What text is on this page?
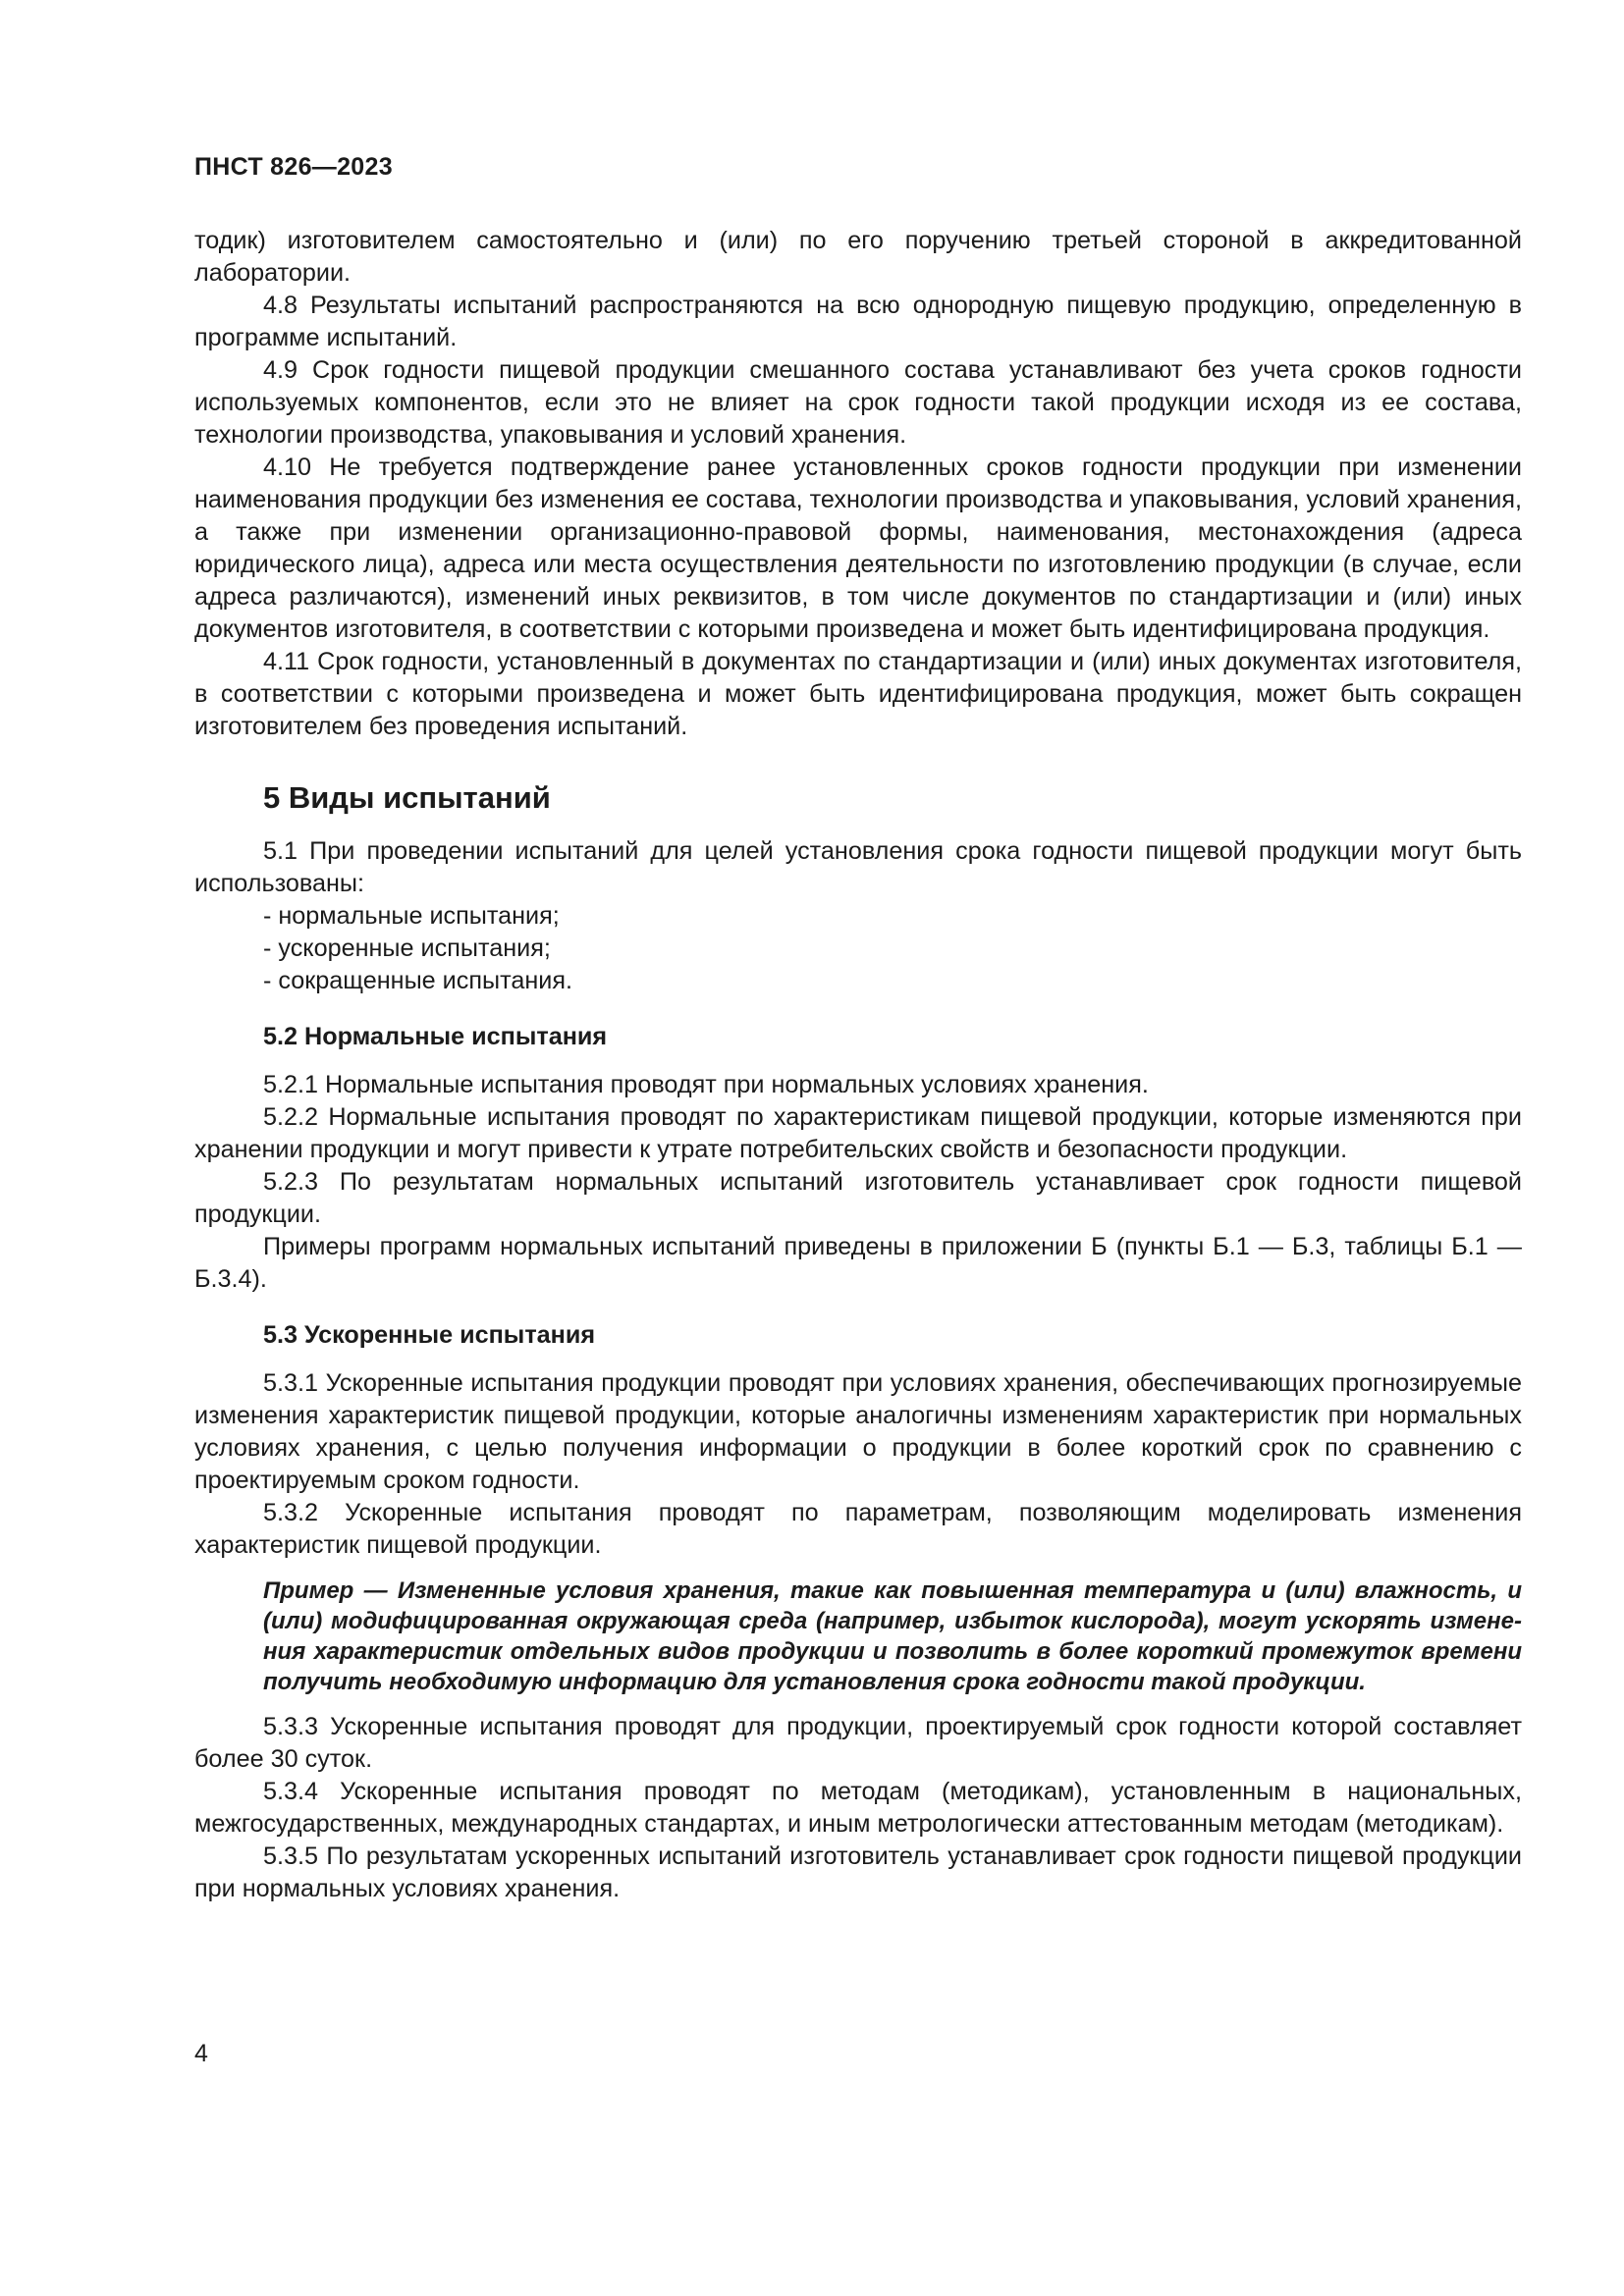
ПНСТ 826—2023

тодик) изготовителем самостоятельно и (или) по его поручению третьей стороной в аккредитованной лаборатории.

4.8 Результаты испытаний распространяются на всю однородную пищевую продукцию, определенную в программе испытаний.

4.9 Срок годности пищевой продукции смешанного состава устанавливают без учета сроков годности используемых компонентов, если это не влияет на срок годности такой продукции исходя из ее состава, технологии производства, упаковывания и условий хранения.

4.10 Не требуется подтверждение ранее установленных сроков годности продукции при изменении наименования продукции без изменения ее состава, технологии производства и упаковывания, условий хранения, а также при изменении организационно-правовой формы, наименования, местонахождения (адреса юридического лица), адреса или места осуществления деятельности по изготовлению продукции (в случае, если адреса различаются), изменений иных реквизитов, в том числе документов по стандартизации и (или) иных документов изготовителя, в соответствии с которыми произведена и может быть идентифицирована продукция.

4.11 Срок годности, установленный в документах по стандартизации и (или) иных документах изготовителя, в соответствии с которыми произведена и может быть идентифицирована продукция, может быть сокращен изготовителем без проведения испытаний.

5 Виды испытаний

5.1 При проведении испытаний для целей установления срока годности пищевой продукции могут быть использованы:

- нормальные испытания;

- ускоренные испытания;

- сокращенные испытания.

5.2 Нормальные испытания

5.2.1 Нормальные испытания проводят при нормальных условиях хранения.

5.2.2 Нормальные испытания проводят по характеристикам пищевой продукции, которые изменяются при хранении продукции и могут привести к утрате потребительских свойств и безопасности продукции.

5.2.3 По результатам нормальных испытаний изготовитель устанавливает срок годности пищевой продукции.

Примеры программ нормальных испытаний приведены в приложении Б (пункты Б.1 — Б.3, таблицы Б.1 — Б.3.4).

5.3 Ускоренные испытания

5.3.1 Ускоренные испытания продукции проводят при условиях хранения, обеспечивающих прогнозируемые изменения характеристик пищевой продукции, которые аналогичны изменениям характеристик при нормальных условиях хранения, с целью получения информации о продукции в более короткий срок по сравнению с проектируемым сроком годности.

5.3.2 Ускоренные испытания проводят по параметрам, позволяющим моделировать изменения характеристик пищевой продукции.

Пример — Измененные условия хранения, такие как повышенная температура и (или) влажность, и (или) модифицированная окружающая среда (например, избыток кислорода), могут ускорять изменения характеристик отдельных видов продукции и позволить в более короткий промежуток времени получить необходимую информацию для установления срока годности такой продукции.

5.3.3 Ускоренные испытания проводят для продукции, проектируемый срок годности которой составляет более 30 суток.

5.3.4 Ускоренные испытания проводят по методам (методикам), установленным в национальных, межгосударственных, международных стандартах, и иным метрологически аттестованным методам (методикам).

5.3.5 По результатам ускоренных испытаний изготовитель устанавливает срок годности пищевой продукции при нормальных условиях хранения.

4
